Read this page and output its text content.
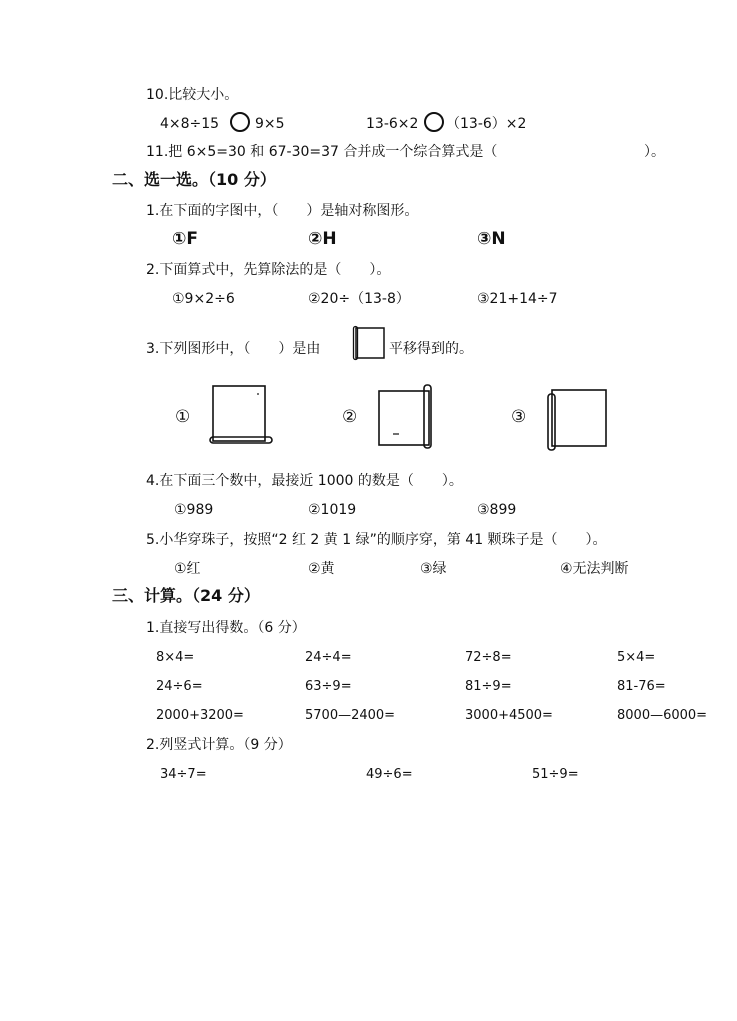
10.比较大小。
4×8÷15	9×5	13-6×2 （13-6）×2
11.把 6×5=30 和 67-30=37 合并成一个综合算式是（	）。
二、选一选。（10 分）
1.在下面的字图中，（　　）是轴对称图形。
①F	②H	③N
2.下面算式中，先算除法的是（　　）。
①9×2÷6	②20÷（13-8）	③21+14÷7
3.下列图形中，（　　）是由	平移得到的。
①	②	③
4.在下面三个数中，最接近 1000 的数是（　　）。
①989	②1019	③899
5.小华穿珠子，按照“2 红 2 黄 1 绿”的顺序穿，第 41 颗珠子是（　　）。
①红	②黄	③绿	④无法判断
三、计算。（24 分）
1.直接写出得数。（6 分）
8×4=	24÷4=	72÷8=	5×4=
24÷6=	63÷9=	81÷9=	81-76=
2000+3200=	5700—2400=	3000+4500=	8000—6000=
2.列竖式计算。（9 分）
34÷7=	49÷6=	51÷9=
